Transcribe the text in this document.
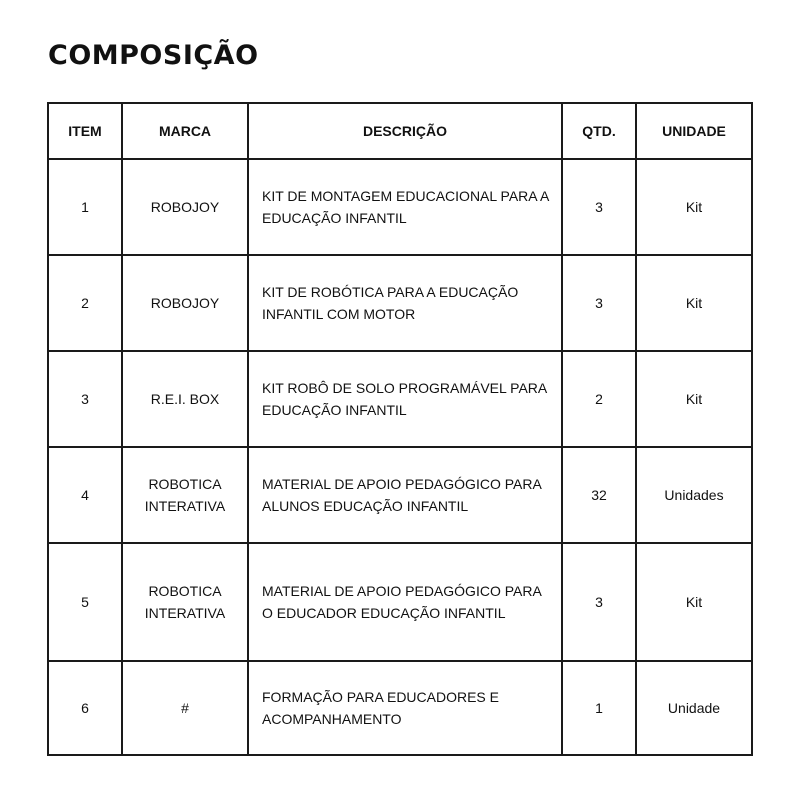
COMPOSIÇÃO
ITEM	MARCA	DESCRIÇÃO	QTD.	UNIDADE
1	ROBOJOY	KIT DE MONTAGEM EDUCACIONAL PARA A EDUCAÇÃO INFANTIL	3	Kit
2	ROBOJOY	KIT DE ROBÓTICA PARA A EDUCAÇÃO INFANTIL COM MOTOR	3	Kit
3	R.E.I. BOX	KIT ROBÔ DE SOLO PROGRAMÁVEL PARA EDUCAÇÃO INFANTIL	2	Kit
4	ROBOTICA INTERATIVA	MATERIAL DE APOIO PEDAGÓGICO PARA ALUNOS EDUCAÇÃO INFANTIL	32	Unidades
5	ROBOTICA INTERATIVA	MATERIAL DE APOIO PEDAGÓGICO PARA O EDUCADOR EDUCAÇÃO INFANTIL	3	Kit
6	#	FORMAÇÃO PARA EDUCADORES E ACOMPANHAMENTO	1	Unidade
